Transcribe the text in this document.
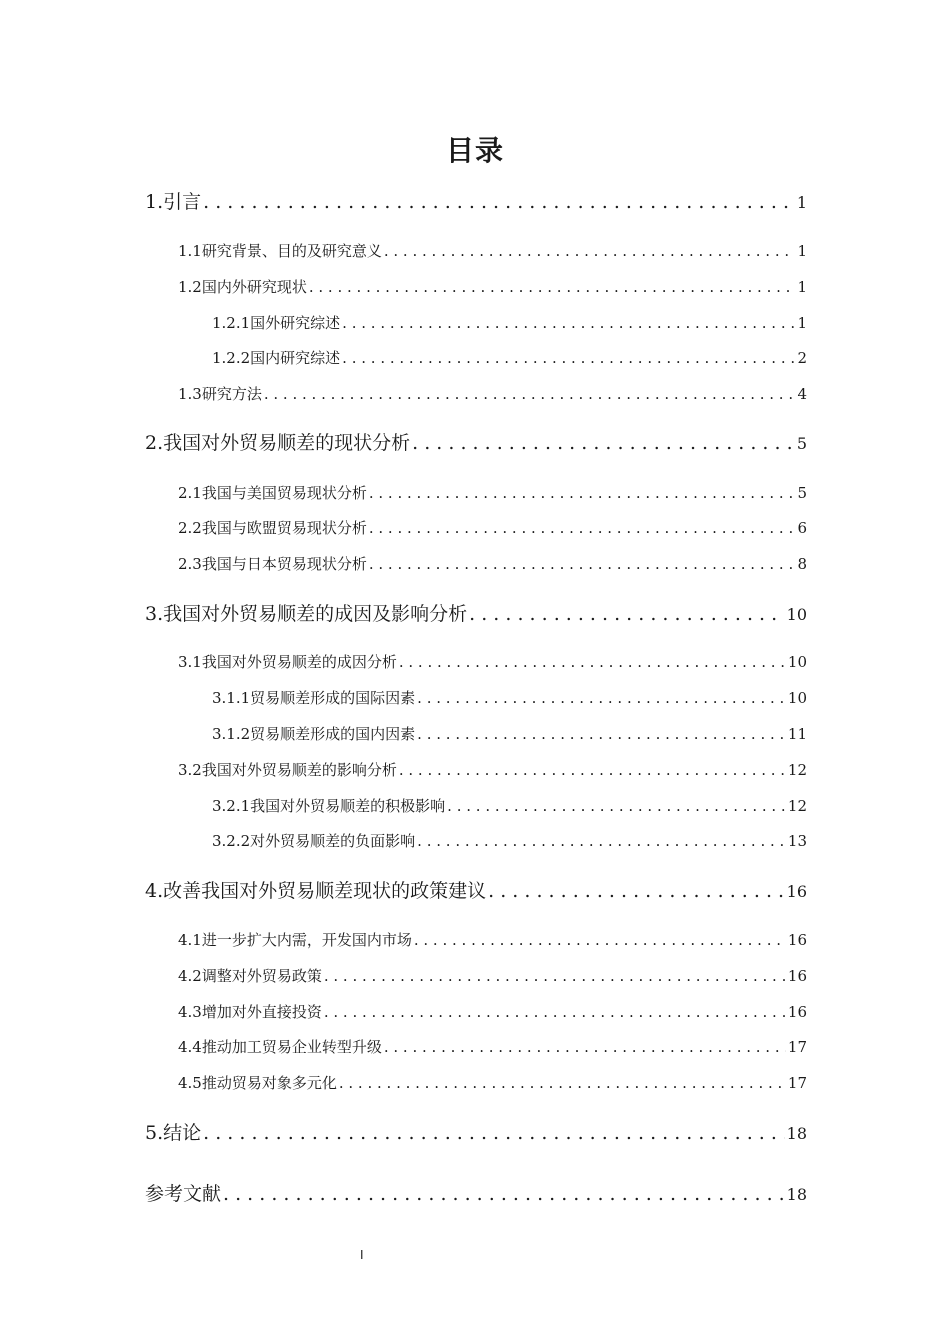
目录
1.引言 . . .	1
1.1研究背景、目的及研究意义 . . .	1
1.2国内外研究现状 . . .	1
1.2.1国外研究综述 . . .	1
1.2.2国内研究综述 . . .	2
1.3研究方法 . . .	4
2.我国对外贸易顺差的现状分析 . . .	5
2.1我国与美国贸易现状分析 . . .	5
2.2我国与欧盟贸易现状分析 . . .	6
2.3我国与日本贸易现状分析 . . .	8
3.我国对外贸易顺差的成因及影响分析 . . .	10
3.1我国对外贸易顺差的成因分析 . . .	10
3.1.1贸易顺差形成的国际因素 . . .	10
3.1.2贸易顺差形成的国内因素 . . .	11
3.2我国对外贸易顺差的影响分析 . . .	12
3.2.1我国对外贸易顺差的积极影响 . . .	12
3.2.2对外贸易顺差的负面影响 . . .	13
4.改善我国对外贸易顺差现状的政策建议 . . .	16
4.1进一步扩大内需，开发国内市场 . . .	16
4.2调整对外贸易政策 . . .	16
4.3增加对外直接投资 . . .	16
4.4推动加工贸易企业转型升级 . . .	17
4.5推动贸易对象多元化 . . .	17
5.结论 . . .	18
参考文献 . . .	18
I
